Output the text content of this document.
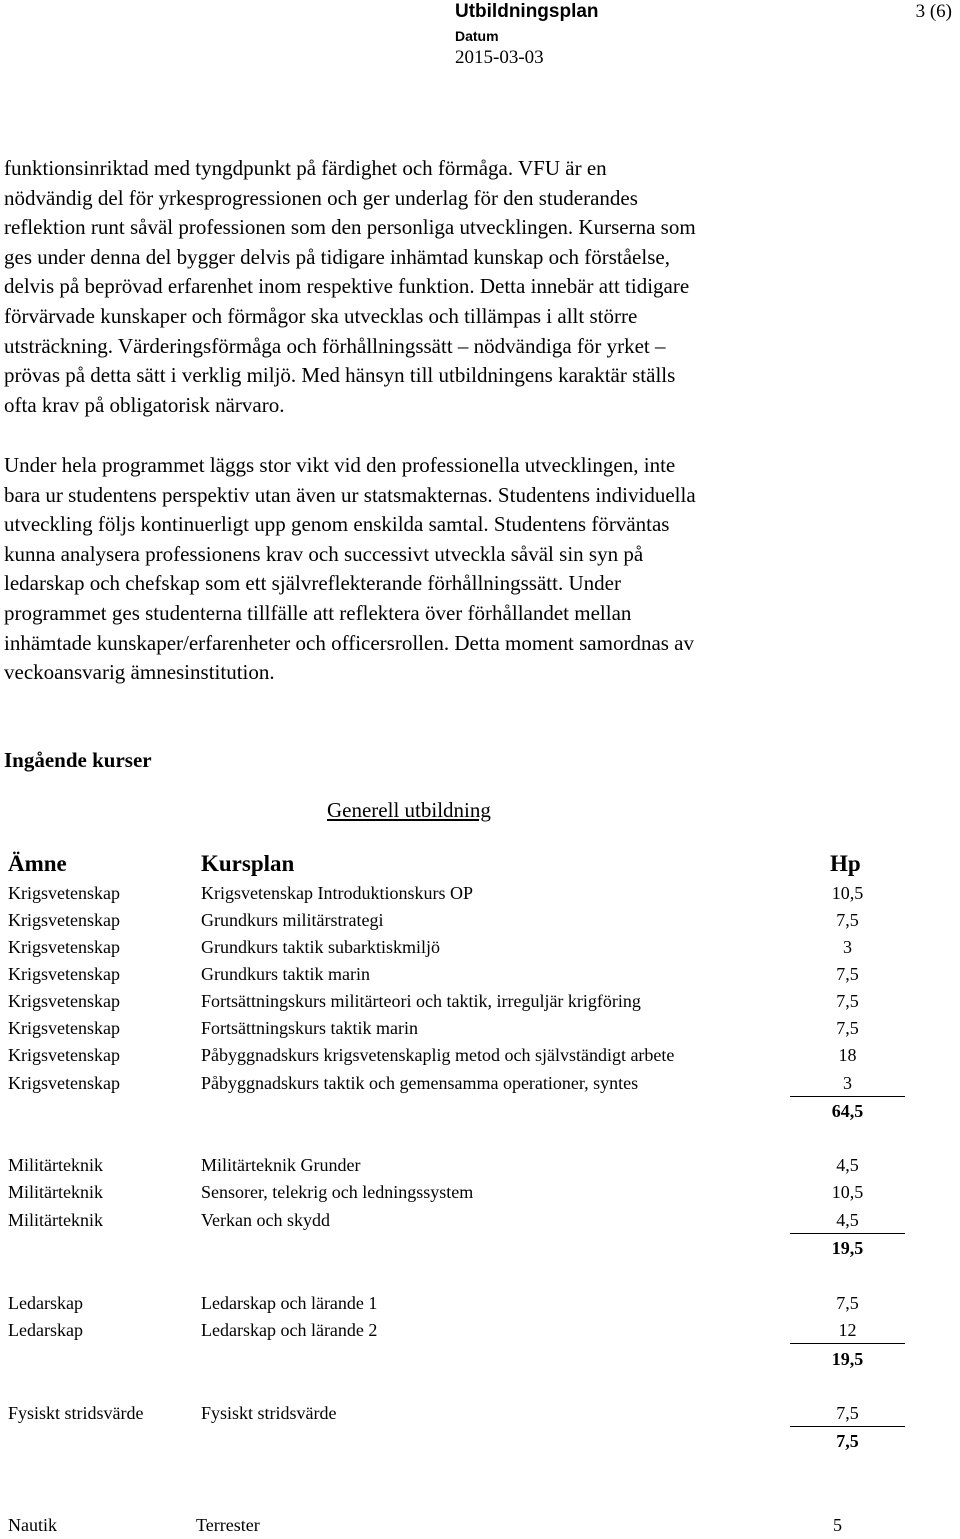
Utbildningsplan	3 (6)
Datum
2015-03-03

funktionsinriktad med tyngdpunkt på färdighet och förmåga. VFU är en
nödvändig del för yrkesprogressionen och ger underlag för den studerandes
reflektion runt såväl professionen som den personliga utvecklingen. Kurserna som
ges under denna del bygger delvis på tidigare inhämtad kunskap och förståelse,
delvis på beprövad erfarenhet inom respektive funktion. Detta innebär att tidigare
förvärvade kunskaper och förmågor ska utvecklas och tillämpas i allt större
utsträckning. Värderingsförmåga och förhållningssätt – nödvändiga för yrket –
prövas på detta sätt i verklig miljö. Med hänsyn till utbildningens karaktär ställs
ofta krav på obligatorisk närvaro.

Under hela programmet läggs stor vikt vid den professionella utvecklingen, inte
bara ur studentens perspektiv utan även ur statsmakternas. Studentens individuella
utveckling följs kontinuerligt upp genom enskilda samtal. Studentens förväntas
kunna analysera professionens krav och successivt utveckla såväl sin syn på
ledarskap och chefskap som ett självreflekterande förhållningssätt. Under
programmet ges studenterna tillfälle att reflektera över förhållandet mellan
inhämtade kunskaper/erfarenheter och officersrollen. Detta moment samordnas av
veckoansvarig ämnesinstitution.

Ingående kurser
Generell utbildning
Ämne	Kursplan	Hp
Krigsvetenskap	Krigsvetenskap Introduktionskurs OP	10,5
Krigsvetenskap	Grundkurs militärstrategi	7,5
Krigsvetenskap	Grundkurs taktik subarktiskmiljö	3
Krigsvetenskap	Grundkurs taktik marin	7,5
Krigsvetenskap	Fortsättningskurs militärteori och taktik, irreguljär krigföring	7,5
Krigsvetenskap	Fortsättningskurs taktik marin	7,5
Krigsvetenskap	Påbyggnadskurs krigsvetenskaplig metod och självständigt arbete	18
Krigsvetenskap	Påbyggnadskurs taktik och gemensamma operationer, syntes	3
64,5
Militärteknik	Militärteknik Grunder	4,5
Militärteknik	Sensorer, telekrig och ledningssystem	10,5
Militärteknik	Verkan och skydd	4,5
19,5
Ledarskap	Ledarskap och lärande 1	7,5
Ledarskap	Ledarskap och lärande 2	12
19,5
Fysiskt stridsvärde	Fysiskt stridsvärde	7,5
7,5
Nautik	Terrester	5
